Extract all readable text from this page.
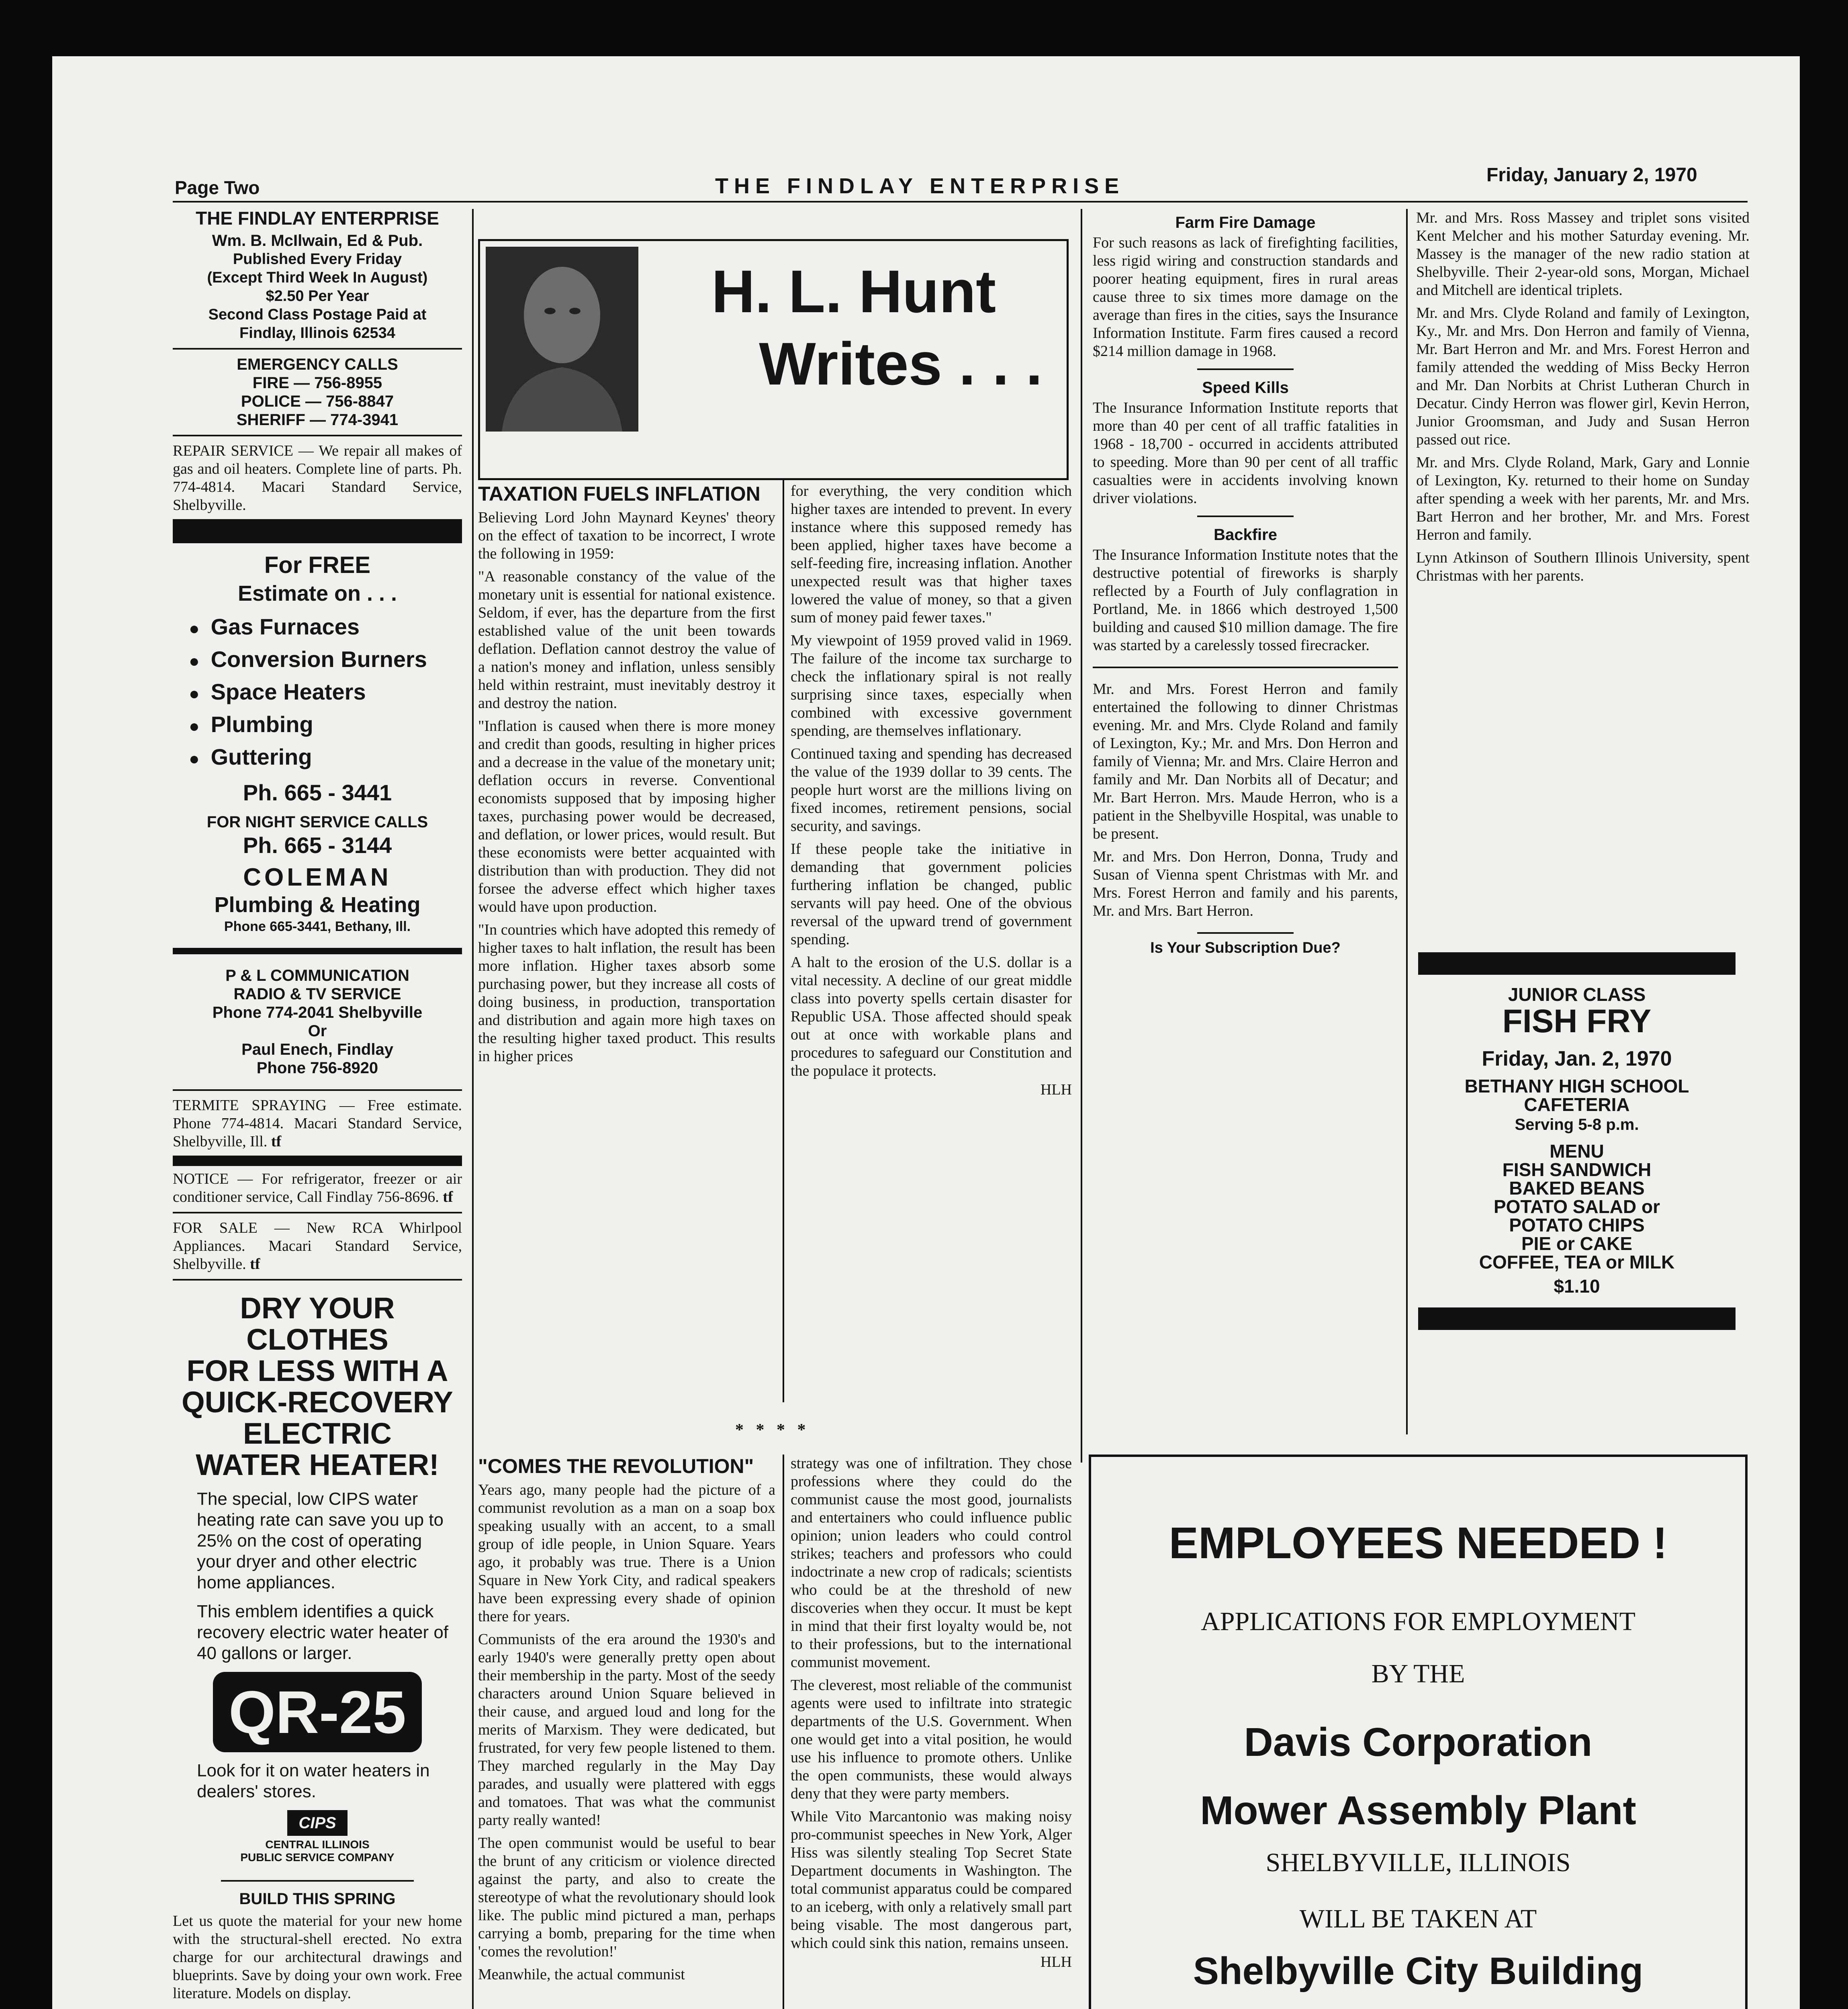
Page Two	THE FINDLAY ENTERPRISE	Friday, January 2, 1970
THE FINDLAY ENTERPRISE
Wm. B. McIlwain, Ed & Pub.
Published Every Friday
(Except Third Week In August)
$2.50 Per Year
Second Class Postage Paid at
Findlay, Illinois 62534
EMERGENCY CALLS
FIRE — 756-8955
POLICE — 756-8847
SHERIFF — 774-3941

REPAIR SERVICE — We repair all makes of gas and oil heaters. Complete line of parts. Ph. 774-4814. Macari Standard Service, Shelbyville.

For FREE
Estimate on . . .
● Gas Furnaces
● Conversion Burners
● Space Heaters
● Plumbing
● Guttering
Ph. 665 - 3441
FOR NIGHT SERVICE CALLS
Ph. 665 - 3144
COLEMAN
Plumbing & Heating
Phone 665-3441, Bethany, Ill.
P & L COMMUNICATION
RADIO & TV SERVICE
Phone 774-2041 Shelbyville
Or
Paul Enech, Findlay
Phone 756-8920

TERMITE SPRAYING — Free estimate. Phone 774-4814. Macari Standard Service, Shelbyville, Ill. tf

NOTICE — For refrigerator, freezer or air conditioner service, Call Findlay 756-8696. tf

FOR SALE — New RCA Whirlpool Appliances. Macari Standard Service, Shelbyville. tf

DRY YOUR CLOTHES
FOR LESS WITH A
QUICK-RECOVERY
ELECTRIC
WATER HEATER!

The special, low CIPS water heating rate can save you up to 25% on the cost of operating your dryer and other electric home appliances.

This emblem identifies a quick recovery electric water heater of 40 gallons or larger.

QR-25

Look for it on water heaters in dealers' stores.

CIPS
CENTRAL ILLINOIS
PUBLIC SERVICE COMPANY
BUILD THIS SPRING

Let us quote the material for your new home with the structural-shell erected. No extra charge for our architectural drawings and blueprints. Save by doing your own work. Free literature. Models on display.

H. L. Hunt
Writes . . .
TAXATION FUELS INFLATION

Believing Lord John Maynard Keynes' theory on the effect of taxation to be incorrect, I wrote the following in 1959:

"A reasonable constancy of the value of the monetary unit is essential for national existence. Seldom, if ever, has the departure from the first established value of the unit been towards deflation. Deflation cannot destroy the value of a nation's money and inflation, unless sensibly held within restraint, must inevitably destroy it and destroy the nation.

"Inflation is caused when there is more money and credit than goods, resulting in higher prices and a decrease in the value of the monetary unit; deflation occurs in reverse. Conventional economists supposed that by imposing higher taxes, purchasing power would be decreased, and deflation, or lower prices, would result. But these economists were better acquainted with distribution than with production. They did not forsee the adverse effect which higher taxes would have upon production.

"In countries which have adopted this remedy of higher taxes to halt inflation, the result has been more inflation. Higher taxes absorb some purchasing power, but they increase all costs of doing business, in production, transportation and distribution and again more high taxes on the resulting higher taxed product. This results in higher prices

for everything, the very condition which higher taxes are intended to prevent. In every instance where this supposed remedy has been applied, higher taxes have become a self-feeding fire, increasing inflation. Another unexpected result was that higher taxes lowered the value of money, so that a given sum of money paid fewer taxes."

My viewpoint of 1959 proved valid in 1969. The failure of the income tax surcharge to check the inflationary spiral is not really surprising since taxes, especially when combined with excessive government spending, are themselves inflationary.

Continued taxing and spending has decreased the value of the 1939 dollar to 39 cents. The people hurt worst are the millions living on fixed incomes, retirement pensions, social security, and savings.

If these people take the initiative in demanding that government policies furthering inflation be changed, public servants will pay heed. One of the obvious reversal of the upward trend of government spending.

A halt to the erosion of the U.S. dollar is a vital necessity. A decline of our great middle class into poverty spells certain disaster for Republic USA. Those affected should speak out at once with workable plans and procedures to safeguard our Constitution and the populace it protects.

HLH
* * * *
"COMES THE REVOLUTION"

Years ago, many people had the picture of a communist revolution as a man on a soap box speaking usually with an accent, to a small group of idle people, in Union Square. Years ago, it probably was true. There is a Union Square in New York City, and radical speakers have been expressing every shade of opinion there for years.

Communists of the era around the 1930's and early 1940's were generally pretty open about their membership in the party. Most of the seedy characters around Union Square believed in their cause, and argued loud and long for the merits of Marxism. They were dedicated, but frustrated, for very few people listened to them. They marched regularly in the May Day parades, and usually were plattered with eggs and tomatoes. That was what the communist party really wanted!

The open communist would be useful to bear the brunt of any criticism or violence directed against the party, and also to create the stereotype of what the revolutionary should look like. The public mind pictured a man, perhaps carrying a bomb, preparing for the time when 'comes the revolution!'

Meanwhile, the actual communist

strategy was one of infiltration. They chose professions where they could do the communist cause the most good, journalists and entertainers who could influence public opinion; union leaders who could control strikes; teachers and professors who could indoctrinate a new crop of radicals; scientists who could be at the threshold of new discoveries when they occur. It must be kept in mind that their first loyalty would be, not to their professions, but to the international communist movement.

The cleverest, most reliable of the communist agents were used to infiltrate into strategic departments of the U.S. Government. When one would get into a vital position, he would use his influence to promote others. Unlike the open communists, these would always deny that they were party members.

While Vito Marcantonio was making noisy pro-communist speeches in New York, Alger Hiss was silently stealing Top Secret State Department documents in Washington. The total communist apparatus could be compared to an iceberg, with only a relatively small part being visable. The most dangerous part, which could sink this nation, remains unseen.

HLH

Farm Fire Damage

For such reasons as lack of firefighting facilities, less rigid wiring and construction standards and poorer heating equipment, fires in rural areas cause three to six times more damage on the average than fires in the cities, says the Insurance Information Institute. Farm fires caused a record $214 million damage in 1968.

Speed Kills

The Insurance Information Institute reports that more than 40 per cent of all traffic fatalities in 1968 - 18,700 - occurred in accidents attributed to speeding. More than 90 per cent of all traffic casualties were in accidents involving known driver violations.

Backfire

The Insurance Information Institute notes that the destructive potential of fireworks is sharply reflected by a Fourth of July conflagration in Portland, Me. in 1866 which destroyed 1,500 building and caused $10 million damage. The fire was started by a carelessly tossed firecracker.

Mr. and Mrs. Forest Herron and family entertained the following to dinner Christmas evening. Mr. and Mrs. Clyde Roland and family of Lexington, Ky.; Mr. and Mrs. Don Herron and family of Vienna; Mr. and Mrs. Claire Herron and family and Mr. Dan Norbits all of Decatur; and Mr. Bart Herron. Mrs. Maude Herron, who is a patient in the Shelbyville Hospital, was unable to be present.

Mr. and Mrs. Don Herron, Donna, Trudy and Susan of Vienna spent Christmas with Mr. and Mrs. Forest Herron and family and his parents, Mr. and Mrs. Bart Herron.

Is Your Subscription Due?

Mr. and Mrs. Ross Massey and triplet sons visited Kent Melcher and his mother Saturday evening. Mr. Massey is the manager of the new radio station at Shelbyville. Their 2-year-old sons, Morgan, Michael and Mitchell are identical triplets.

Mr. and Mrs. Clyde Roland and family of Lexington, Ky., Mr. and Mrs. Don Herron and family of Vienna, Mr. Bart Herron and Mr. and Mrs. Forest Herron and family attended the wedding of Miss Becky Herron and Mr. Dan Norbits at Christ Lutheran Church in Decatur. Cindy Herron was flower girl, Kevin Herron, Junior Groomsman, and Judy and Susan Herron passed out rice.

Mr. and Mrs. Clyde Roland, Mark, Gary and Lonnie of Lexington, Ky. returned to their home on Sunday after spending a week with her parents, Mr. and Mrs. Bart Herron and her brother, Mr. and Mrs. Forest Herron and family.

Lynn Atkinson of Southern Illinois University, spent Christmas with her parents.

JUNIOR CLASS
FISH FRY
Friday, Jan. 2, 1970
BETHANY HIGH SCHOOL
CAFETERIA
Serving 5-8 p.m.
MENU
FISH SANDWICH
BAKED BEANS
POTATO SALAD or
POTATO CHIPS
PIE or CAKE
COFFEE, TEA or MILK
$1.10
EMPLOYEES NEEDED !
APPLICATIONS FOR EMPLOYMENT
BY THE
Davis Corporation
Mower Assembly Plant
SHELBYVILLE, ILLINOIS
WILL BE TAKEN AT
Shelbyville City Building
